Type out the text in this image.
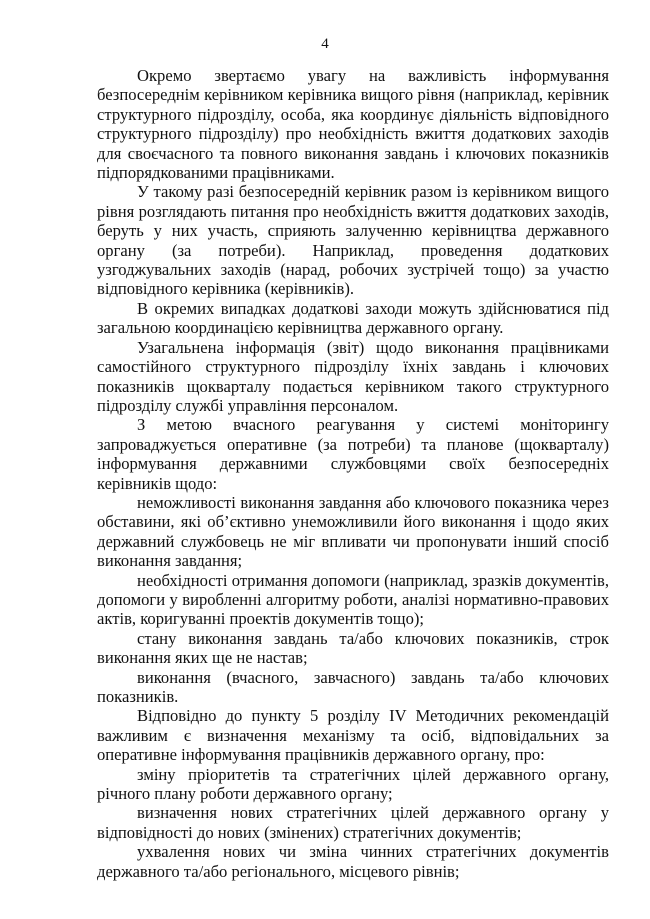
4

Окремо звертаємо увагу на важливість інформування безпосереднім керівником керівника вищого рівня (наприклад, керівник структурного підрозділу, особа, яка координує діяльність відповідного структурного підрозділу) про необхідність вжиття додаткових заходів для своєчасного та повного виконання завдань і ключових показників підпорядкованими працівниками.

У такому разі безпосередній керівник разом із керівником вищого рівня розглядають питання про необхідність вжиття додаткових заходів, беруть у них участь, сприяють залученню керівництва державного органу (за потреби). Наприклад, проведення додаткових узгоджувальних заходів (нарад, робочих зустрічей тощо) за участю відповідного керівника (керівників).

В окремих випадках додаткові заходи можуть здійснюватися під загальною координацією керівництва державного органу.

Узагальнена інформація (звіт) щодо виконання працівниками самостійного структурного підрозділу їхніх завдань і ключових показників щокварталу подається керівником такого структурного підрозділу службі управління персоналом.

З метою вчасного реагування у системі моніторингу запроваджується оперативне (за потреби) та планове (щокварталу) інформування державними службовцями своїх безпосередніх керівників щодо:

неможливості виконання завдання або ключового показника через обставини, які об’єктивно унеможливили його виконання і щодо яких державний службовець не міг впливати чи пропонувати інший спосіб виконання завдання;

необхідності отримання допомоги (наприклад, зразків документів, допомоги у виробленні алгоритму роботи, аналізі нормативно-правових актів, коригуванні проектів документів тощо);

стану виконання завдань та/або ключових показників, строк виконання яких ще не настав;

виконання (вчасного, завчасного) завдань та/або ключових показників.

Відповідно до пункту 5 розділу IV Методичних рекомендацій важливим є визначення механізму та осіб, відповідальних за оперативне інформування працівників державного органу, про:

зміну пріоритетів та стратегічних цілей державного органу, річного плану роботи державного органу;

визначення нових стратегічних цілей державного органу у відповідності до нових (змінених) стратегічних документів;

ухвалення нових чи зміна чинних стратегічних документів державного та/або регіонального, місцевого рівнів;
